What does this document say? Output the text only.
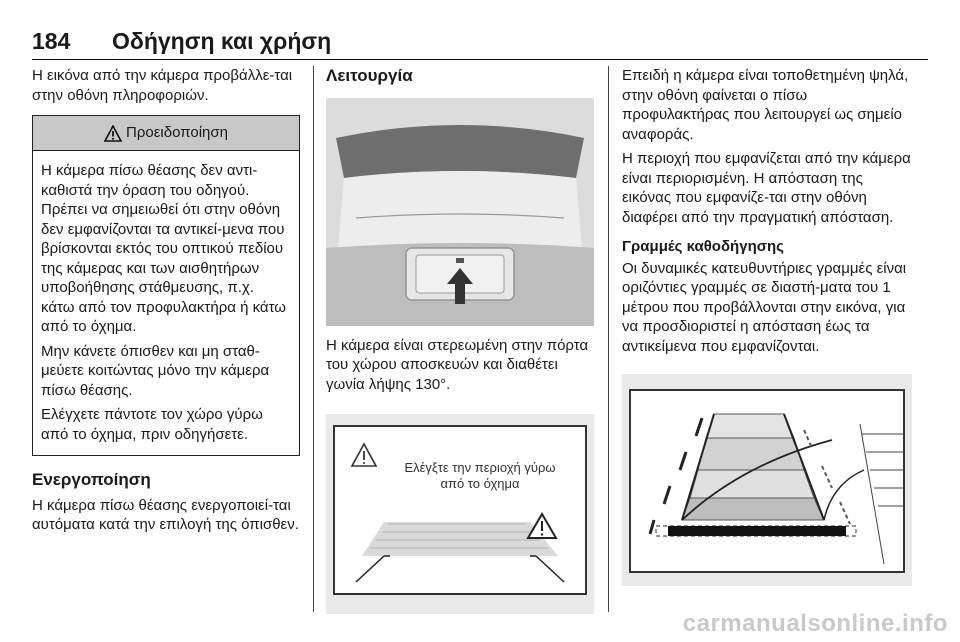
184 Οδήγηση και χρήση

Η εικόνα από την κάμερα προβάλλε-ται στην οθόνη πληροφοριών.

Προειδοποίηση

Η κάμερα πίσω θέασης δεν αντι-καθιστά την όραση του οδηγού. Πρέπει να σημειωθεί ότι στην οθόνη δεν εμφανίζονται τα αντικεί-μενα που βρίσκονται εκτός του οπτικού πεδίου της κάμερας και των αισθητήρων υποβοήθησης στάθμευσης, π.χ. κάτω από τον προφυλακτήρα ή κάτω από το όχημα.

Μην κάνετε όπισθεν και μη σταθ-μεύετε κοιτώντας μόνο την κάμερα πίσω θέασης.

Ελέγχετε πάντοτε τον χώρο γύρω από το όχημα, πριν οδηγήσετε.

Ενεργοποίηση

Η κάμερα πίσω θέασης ενεργοποιεί-ται αυτόματα κατά την επιλογή της όπισθεν.

Λειτουργία

Η κάμερα είναι στερεωμένη στην πόρτα του χώρου αποσκευών και διαθέτει γωνία λήψης 130°.

Ελέγξτε την περιοχή γύρω
από το όχημα

Επειδή η κάμερα είναι τοποθετημένη ψηλά, στην οθόνη φαίνεται ο πίσω προφυλακτήρας που λειτουργεί ως σημείο αναφοράς.

Η περιοχή που εμφανίζεται από την κάμερα είναι περιορισμένη. Η απόσταση της εικόνας που εμφανίζε-ται στην οθόνη διαφέρει από την πραγματική απόσταση.

Γραμμές καθοδήγησης

Οι δυναμικές κατευθυντήριες γραμμές είναι οριζόντιες γραμμές σε διαστή-ματα του 1 μέτρου που προβάλλονται στην εικόνα, για να προσδιοριστεί η απόσταση έως τα αντικείμενα που εμφανίζονται.

carmanualsonline.info
